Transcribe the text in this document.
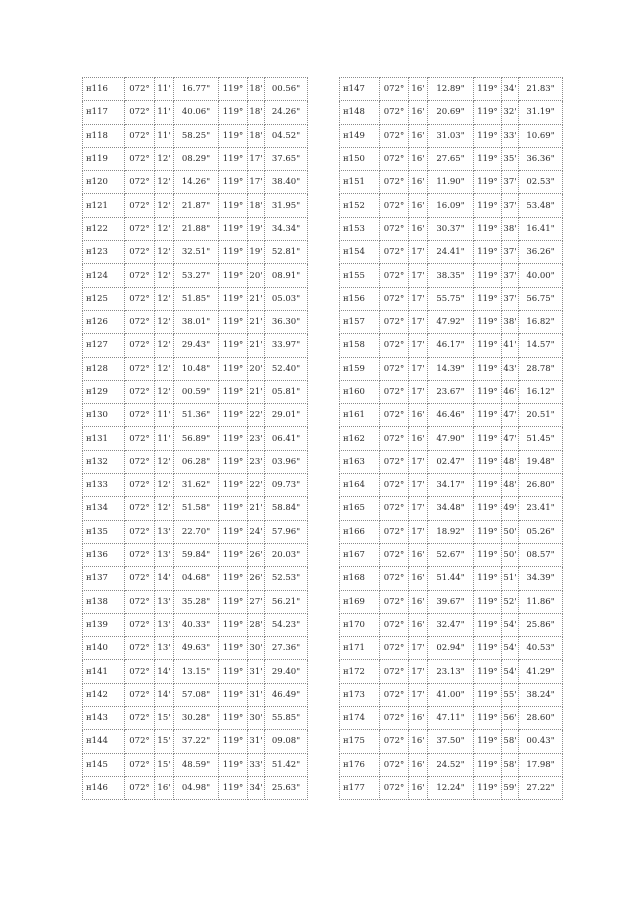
н116	072°	11'	16.77"	119°	18'	00.56"
н117	072°	11'	40.06"	119°	18'	24.26"
н118	072°	11'	58.25"	119°	18'	04.52"
н119	072°	12'	08.29"	119°	17'	37.65"
н120	072°	12'	14.26"	119°	17'	38.40"
н121	072°	12'	21.87"	119°	18'	31.95"
н122	072°	12'	21.88"	119°	19'	34.34"
н123	072°	12'	32.51"	119°	19'	52.81"
н124	072°	12'	53.27"	119°	20'	08.91"
н125	072°	12'	51.85"	119°	21'	05.03"
н126	072°	12'	38.01"	119°	21'	36.30"
н127	072°	12'	29.43"	119°	21'	33.97"
н128	072°	12'	10.48"	119°	20'	52.40"
н129	072°	12'	00.59"	119°	21'	05.81"
н130	072°	11'	51.36"	119°	22'	29.01"
н131	072°	11'	56.89"	119°	23'	06.41"
н132	072°	12'	06.28"	119°	23'	03.96"
н133	072°	12'	31.62"	119°	22'	09.73"
н134	072°	12'	51.58"	119°	21'	58.84"
н135	072°	13'	22.70"	119°	24'	57.96"
н136	072°	13'	59.84"	119°	26'	20.03"
н137	072°	14'	04.68"	119°	26'	52.53"
н138	072°	13'	35.28"	119°	27'	56.21"
н139	072°	13'	40.33"	119°	28'	54.23"
н140	072°	13'	49.63"	119°	30'	27.36"
н141	072°	14'	13.15"	119°	31'	29.40"
н142	072°	14'	57.08"	119°	31'	46.49"
н143	072°	15'	30.28"	119°	30'	55.85"
н144	072°	15'	37.22"	119°	31'	09.08"
н145	072°	15'	48.59"	119°	33'	51.42"
н146	072°	16'	04.98"	119°	34'	25.63"
н147	072°	16'	12.89"	119°	34'	21.83"
н148	072°	16'	20.69"	119°	32'	31.19"
н149	072°	16'	31.03"	119°	33'	10.69"
н150	072°	16'	27.65"	119°	35'	36.36"
н151	072°	16'	11.90"	119°	37'	02.53"
н152	072°	16'	16.09"	119°	37'	53.48"
н153	072°	16'	30.37"	119°	38'	16.41"
н154	072°	17'	24.41"	119°	37'	36.26"
н155	072°	17'	38.35"	119°	37'	40.00"
н156	072°	17'	55.75"	119°	37'	56.75"
н157	072°	17'	47.92"	119°	38'	16.82"
н158	072°	17'	46.17"	119°	41'	14.57"
н159	072°	17'	14.39"	119°	43'	28.78"
н160	072°	17'	23.67"	119°	46'	16.12"
н161	072°	16'	46.46"	119°	47'	20.51"
н162	072°	16'	47.90"	119°	47'	51.45"
н163	072°	17'	02.47"	119°	48'	19.48"
н164	072°	17'	34.17"	119°	48'	26.80"
н165	072°	17'	34.48"	119°	49'	23.41"
н166	072°	17'	18.92"	119°	50'	05.26"
н167	072°	16'	52.67"	119°	50'	08.57"
н168	072°	16'	51.44"	119°	51'	34.39"
н169	072°	16'	39.67"	119°	52'	11.86"
н170	072°	16'	32.47"	119°	54'	25.86"
н171	072°	17'	02.94"	119°	54'	40.53"
н172	072°	17'	23.13"	119°	54'	41.29"
н173	072°	17'	41.00"	119°	55'	38.24"
н174	072°	16'	47.11"	119°	56'	28.60"
н175	072°	16'	37.50"	119°	58'	00.43"
н176	072°	16'	24.52"	119°	58'	17.98"
н177	072°	16'	12.24"	119°	59'	27.22"
